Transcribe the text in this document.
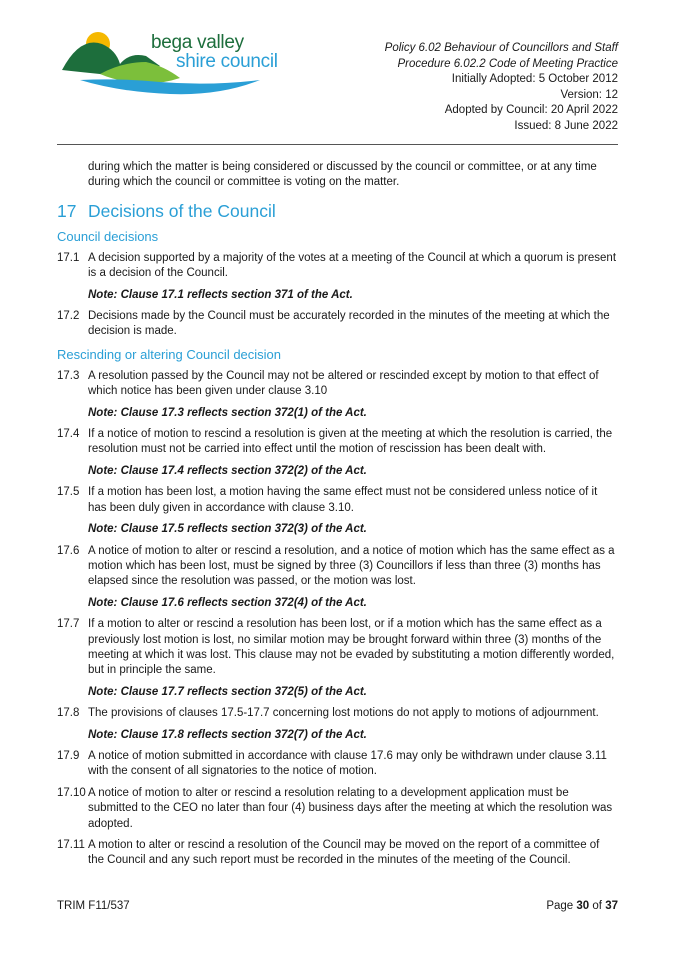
bega valley
shire council
Policy 6.02 Behaviour of Councillors and Staff
Procedure 6.02.2 Code of Meeting Practice
Initially Adopted: 5 October 2012
Version: 12
Adopted by Council: 20 April 2022
Issued: 8 June 2022

during which the matter is being considered or discussed by the council or committee, or at any time during which the council or committee is voting on the matter.

17 Decisions of the Council
Council decisions
17.1 A decision supported by a majority of the votes at a meeting of the Council at which a quorum is present is a decision of the Council.
Note: Clause 17.1 reflects section 371 of the Act.
17.2 Decisions made by the Council must be accurately recorded in the minutes of the meeting at which the decision is made.
Rescinding or altering Council decision
17.3 A resolution passed by the Council may not be altered or rescinded except by motion to that effect of which notice has been given under clause 3.10
Note: Clause 17.3 reflects section 372(1) of the Act.
17.4 If a notice of motion to rescind a resolution is given at the meeting at which the resolution is carried, the resolution must not be carried into effect until the motion of rescission has been dealt with.
Note: Clause 17.4 reflects section 372(2) of the Act.
17.5 If a motion has been lost, a motion having the same effect must not be considered unless notice of it has been duly given in accordance with clause 3.10.
Note: Clause 17.5 reflects section 372(3) of the Act.
17.6 A notice of motion to alter or rescind a resolution, and a notice of motion which has the same effect as a motion which has been lost, must be signed by three (3) Councillors if less than three (3) months has elapsed since the resolution was passed, or the motion was lost.
Note: Clause 17.6 reflects section 372(4) of the Act.
17.7 If a motion to alter or rescind a resolution has been lost, or if a motion which has the same effect as a previously lost motion is lost, no similar motion may be brought forward within three (3) months of the meeting at which it was lost. This clause may not be evaded by substituting a motion differently worded, but in principle the same.
Note: Clause 17.7 reflects section 372(5) of the Act.
17.8 The provisions of clauses 17.5-17.7 concerning lost motions do not apply to motions of adjournment.
Note: Clause 17.8 reflects section 372(7) of the Act.
17.9 A notice of motion submitted in accordance with clause 17.6 may only be withdrawn under clause 3.11 with the consent of all signatories to the notice of motion.
17.10 A notice of motion to alter or rescind a resolution relating to a development application must be submitted to the CEO no later than four (4) business days after the meeting at which the resolution was adopted.
17.11 A motion to alter or rescind a resolution of the Council may be moved on the report of a committee of the Council and any such report must be recorded in the minutes of the meeting of the Council.
TRIM F11/537	Page 30 of 37
